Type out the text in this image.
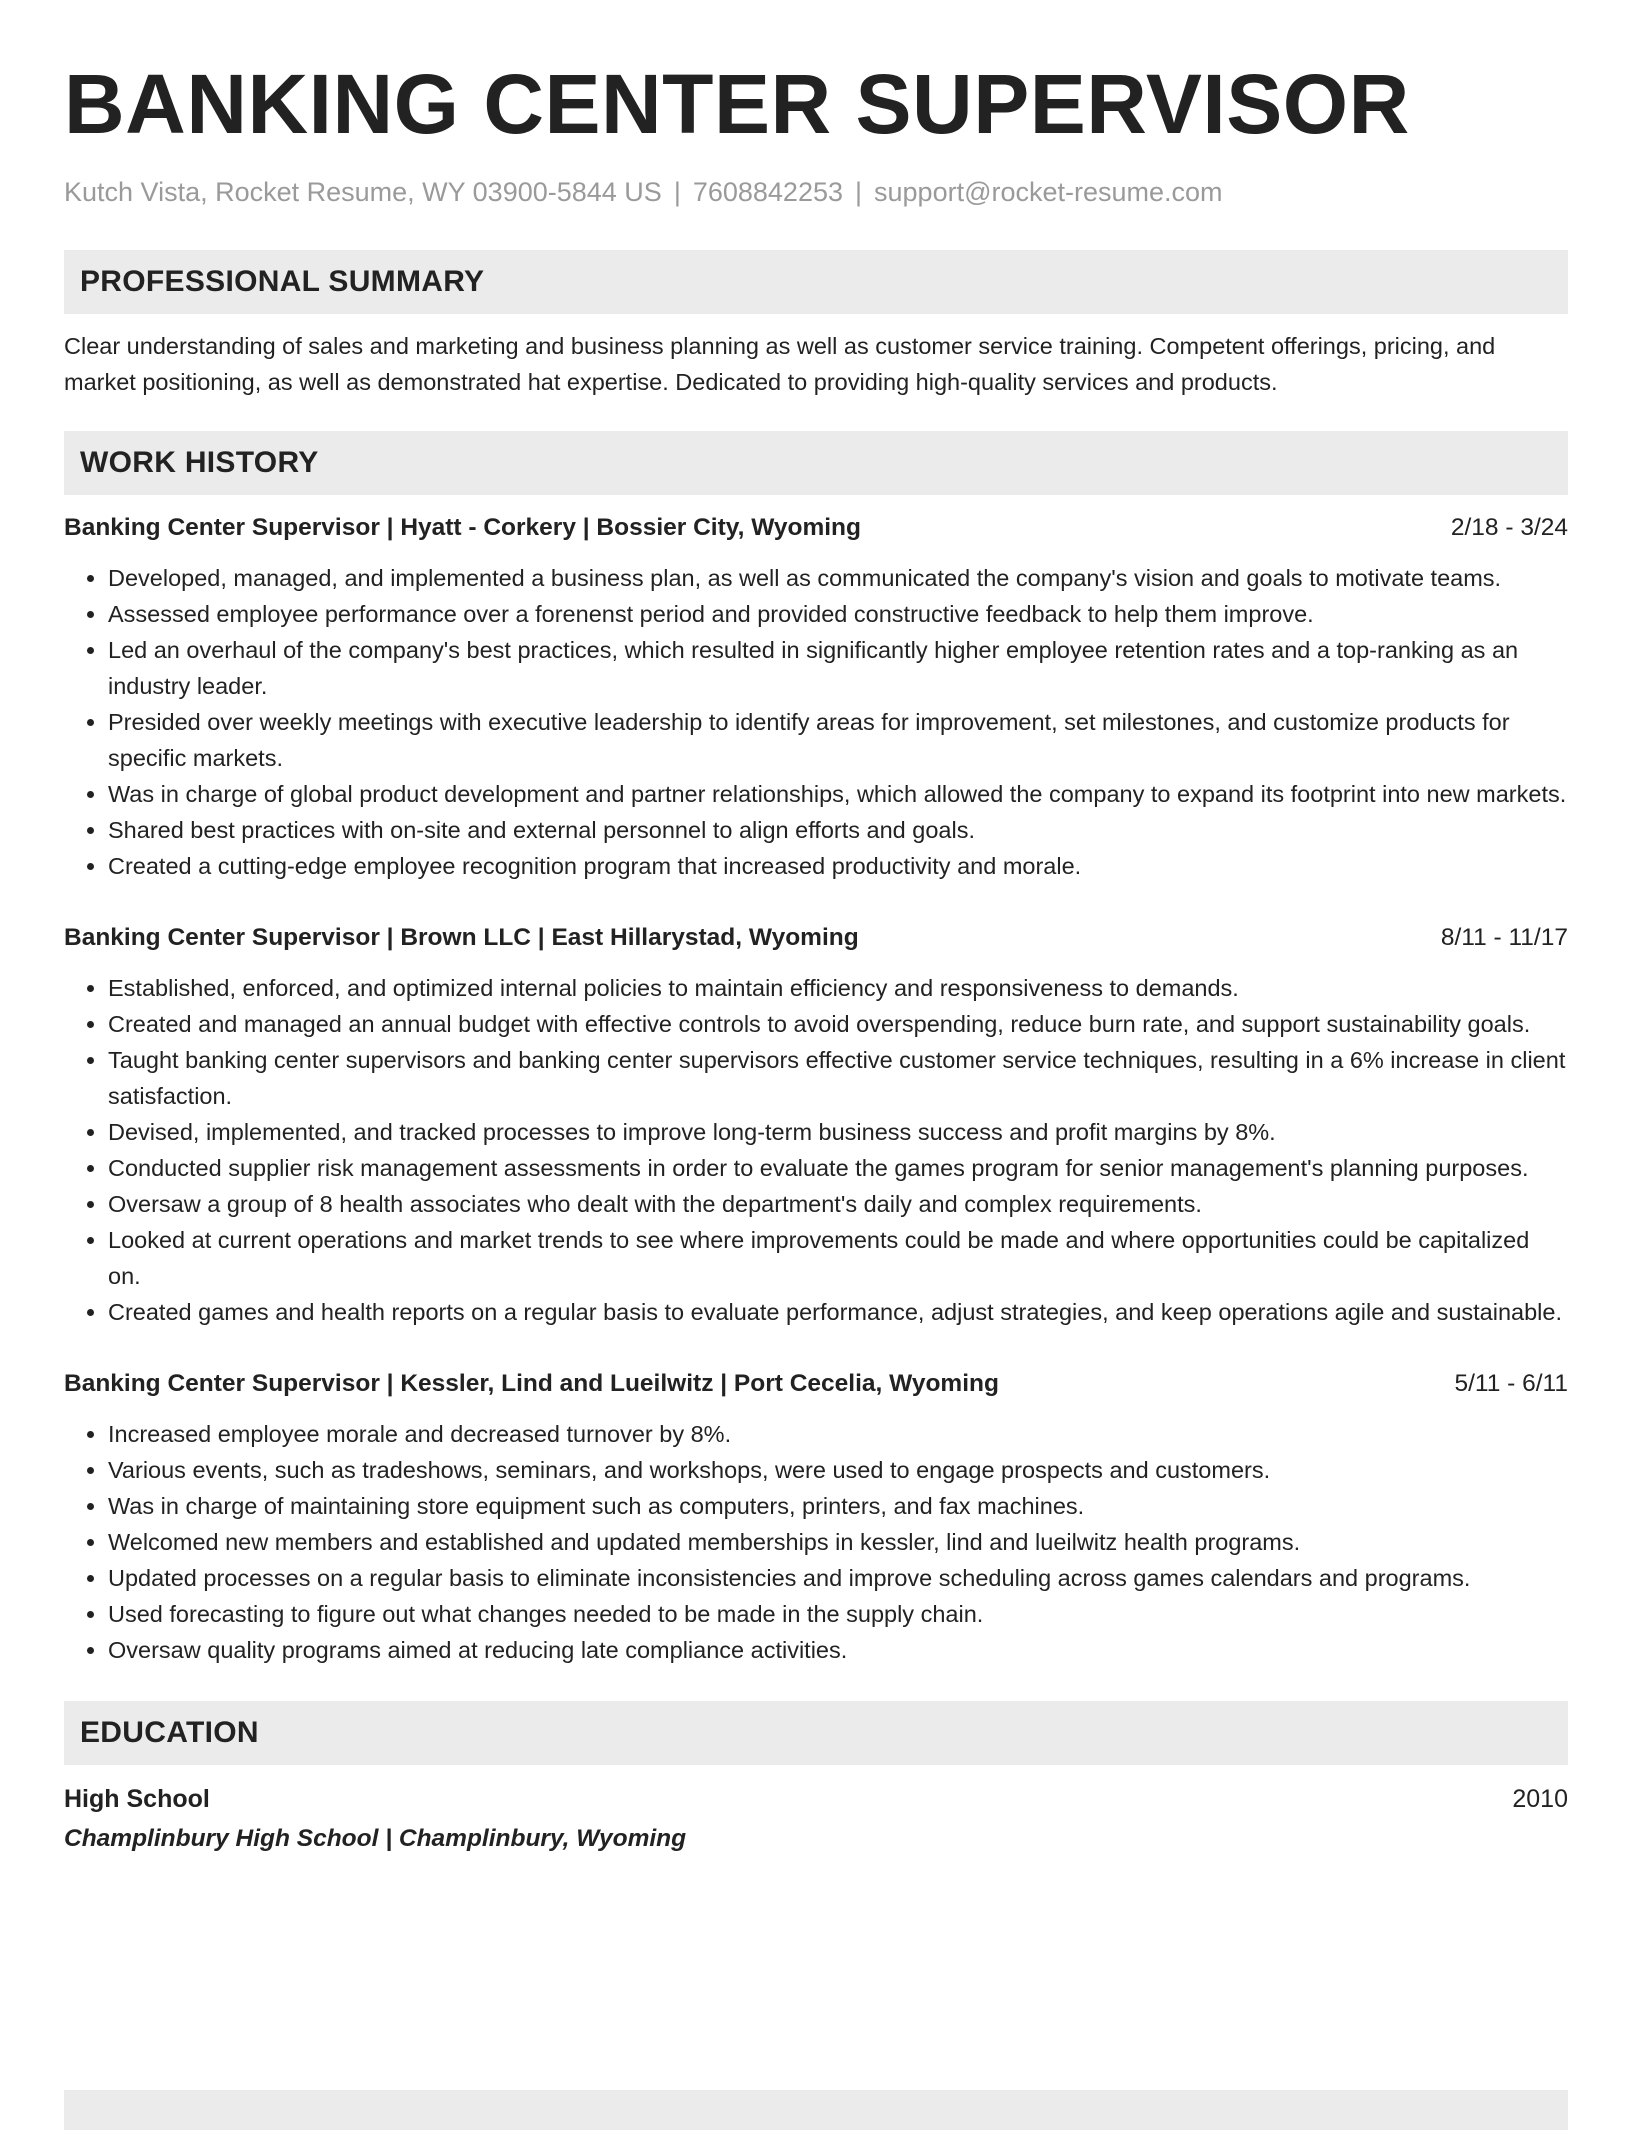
BANKING CENTER SUPERVISOR
Kutch Vista, Rocket Resume, WY 03900-5844 US | 7608842253 | support@rocket-resume.com
PROFESSIONAL SUMMARY
Clear understanding of sales and marketing and business planning as well as customer service training. Competent offerings, pricing, and market positioning, as well as demonstrated hat expertise. Dedicated to providing high-quality services and products.
WORK HISTORY
Banking Center Supervisor | Hyatt - Corkery | Bossier City, Wyoming	2/18 - 3/24
• Developed, managed, and implemented a business plan, as well as communicated the company's vision and goals to motivate teams.
• Assessed employee performance over a forenenst period and provided constructive feedback to help them improve.
• Led an overhaul of the company's best practices, which resulted in significantly higher employee retention rates and a top-ranking as an industry leader.
• Presided over weekly meetings with executive leadership to identify areas for improvement, set milestones, and customize products for specific markets.
• Was in charge of global product development and partner relationships, which allowed the company to expand its footprint into new markets.
• Shared best practices with on-site and external personnel to align efforts and goals.
• Created a cutting-edge employee recognition program that increased productivity and morale.
Banking Center Supervisor | Brown LLC | East Hillarystad, Wyoming	8/11 - 11/17
• Established, enforced, and optimized internal policies to maintain efficiency and responsiveness to demands.
• Created and managed an annual budget with effective controls to avoid overspending, reduce burn rate, and support sustainability goals.
• Taught banking center supervisors and banking center supervisors effective customer service techniques, resulting in a 6% increase in client satisfaction.
• Devised, implemented, and tracked processes to improve long-term business success and profit margins by 8%.
• Conducted supplier risk management assessments in order to evaluate the games program for senior management's planning purposes.
• Oversaw a group of 8 health associates who dealt with the department's daily and complex requirements.
• Looked at current operations and market trends to see where improvements could be made and where opportunities could be capitalized on.
• Created games and health reports on a regular basis to evaluate performance, adjust strategies, and keep operations agile and sustainable.
Banking Center Supervisor | Kessler, Lind and Lueilwitz | Port Cecelia, Wyoming	5/11 - 6/11
• Increased employee morale and decreased turnover by 8%.
• Various events, such as tradeshows, seminars, and workshops, were used to engage prospects and customers.
• Was in charge of maintaining store equipment such as computers, printers, and fax machines.
• Welcomed new members and established and updated memberships in kessler, lind and lueilwitz health programs.
• Updated processes on a regular basis to eliminate inconsistencies and improve scheduling across games calendars and programs.
• Used forecasting to figure out what changes needed to be made in the supply chain.
• Oversaw quality programs aimed at reducing late compliance activities.
EDUCATION
High School	2010
Champlinbury High School | Champlinbury, Wyoming
